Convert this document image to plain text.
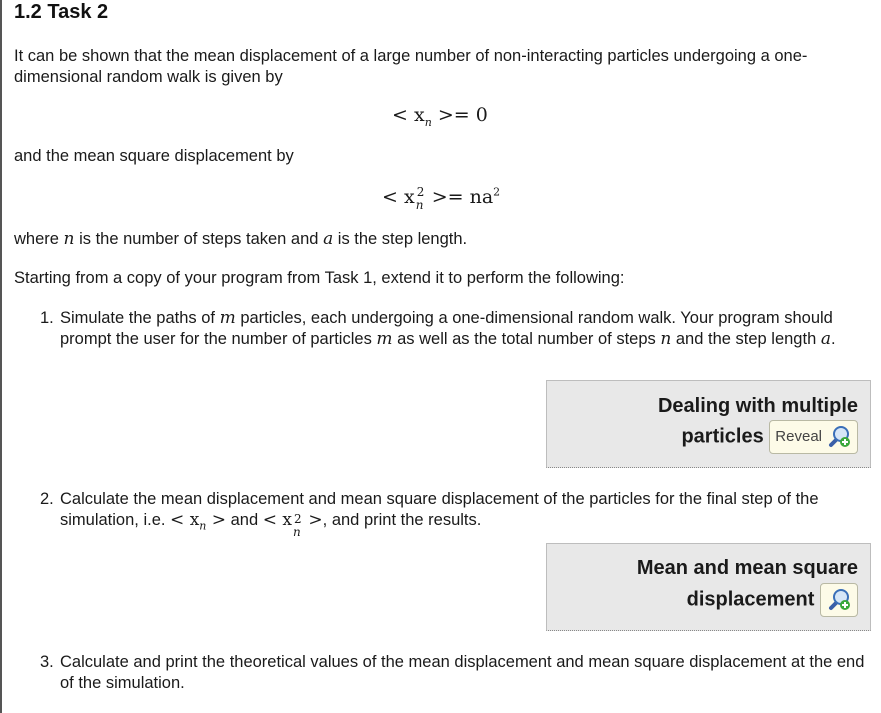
1.2 Task 2
It can be shown that the mean displacement of a large number of non-interacting particles undergoing a one-dimensional random walk is given by
< $x_n >= 0$
and the mean square displacement by
< x 2
$n >= na^2$
where n is the number of steps taken and a is the step length.
Starting from a copy of your program from Task 1, extend it to perform the following:
1. Simulate the paths of m particles, each undergoing a one-dimensional random walk. Your program should prompt the user for the number of particles m as well as the total number of steps n and the step length a.
Dealing with multiple
particles Reveal
2. Calculate the mean displacement and mean square displacement of the particles for the final step of the simulation, i.e. < $x_n$ > and < x 2
n
>, and print the results.
Mean and mean square
displacement
3. Calculate and print the theoretical values of the mean displacement and mean square displacement at the end of the simulation.
